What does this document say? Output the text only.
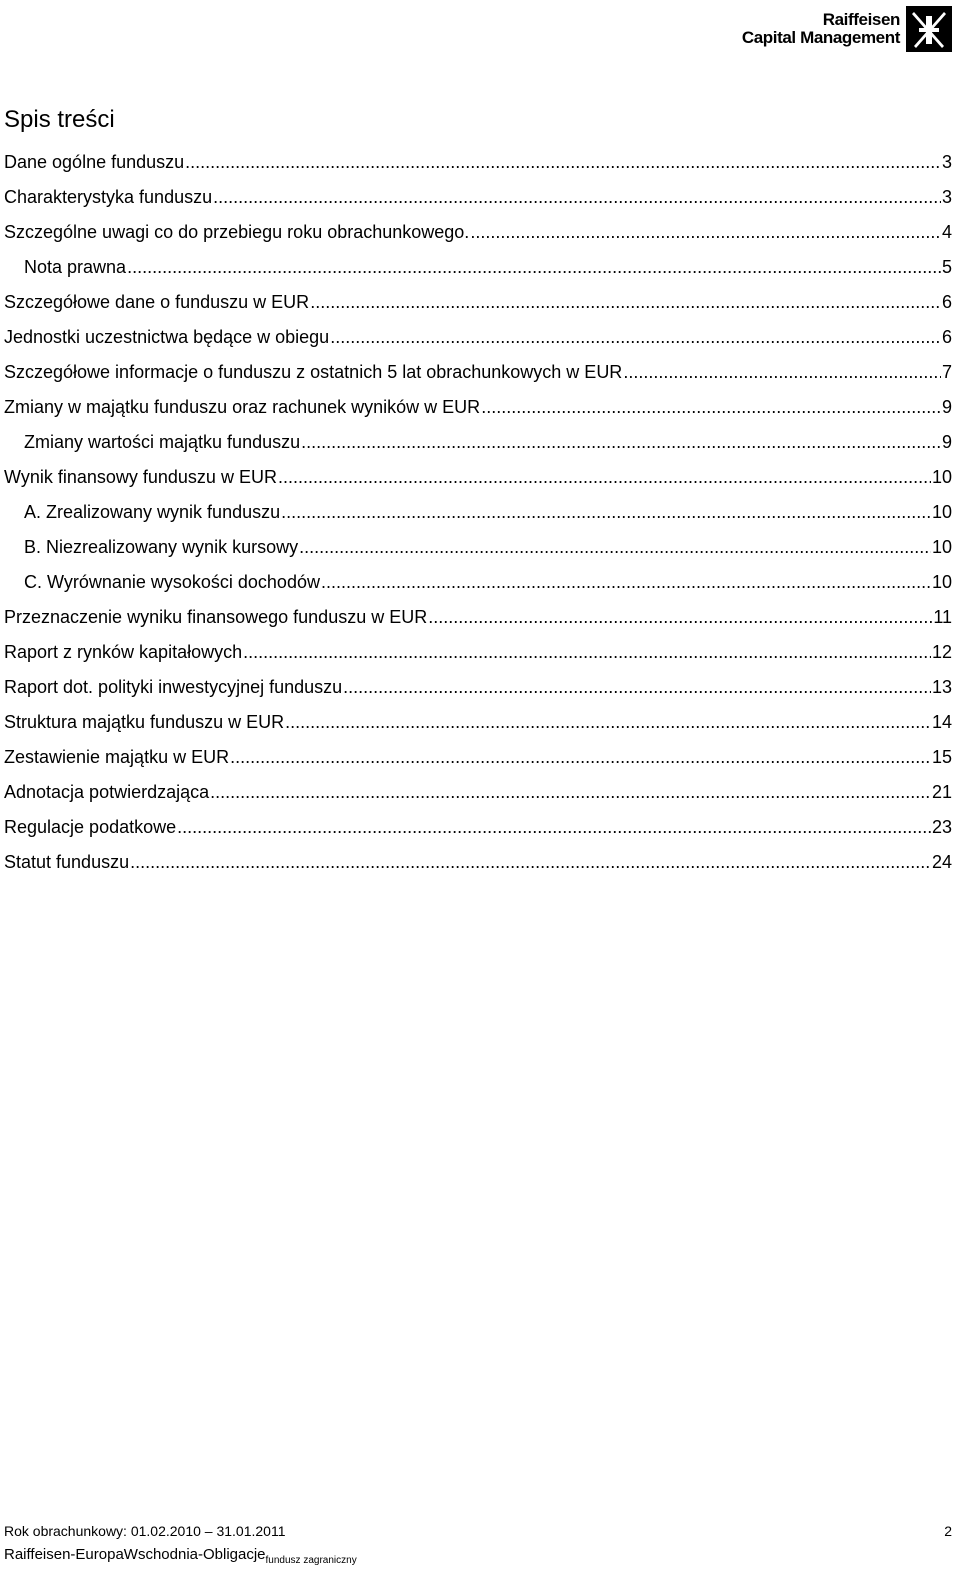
Raiffeisen
Capital Management
Spis treści
Dane ogólne funduszu .....	3
Charakterystyka funduszu .....	3
Szczególne uwagi co do przebiegu roku obrachunkowego. .....	4
Nota prawna .....	5
Szczegółowe dane o funduszu w EUR .....	6
Jednostki uczestnictwa będące w obiegu .....	6
Szczegółowe informacje o funduszu z ostatnich 5 lat obrachunkowych w EUR .....	7
Zmiany w majątku funduszu oraz rachunek wyników w EUR .....	9
Zmiany wartości majątku funduszu .....	9
Wynik finansowy funduszu w EUR .....	10
A. Zrealizowany wynik funduszu .....	10
B. Niezrealizowany wynik kursowy .....	10
C. Wyrównanie wysokości dochodów .....	10
Przeznaczenie wyniku finansowego funduszu w EUR .....	11
Raport z rynków kapitałowych .....	12
Raport dot. polityki inwestycyjnej funduszu .....	13
Struktura majątku funduszu w EUR .....	14
Zestawienie majątku w EUR .....	15
Adnotacja potwierdzająca .....	21
Regulacje podatkowe .....	23
Statut funduszu .....	24
Rok obrachunkowy: 01.02.2010 – 31.01.2011	2
Raiffeisen-EuropaWschodnia-Obligacje$_{fundusz zagraniczny}$
